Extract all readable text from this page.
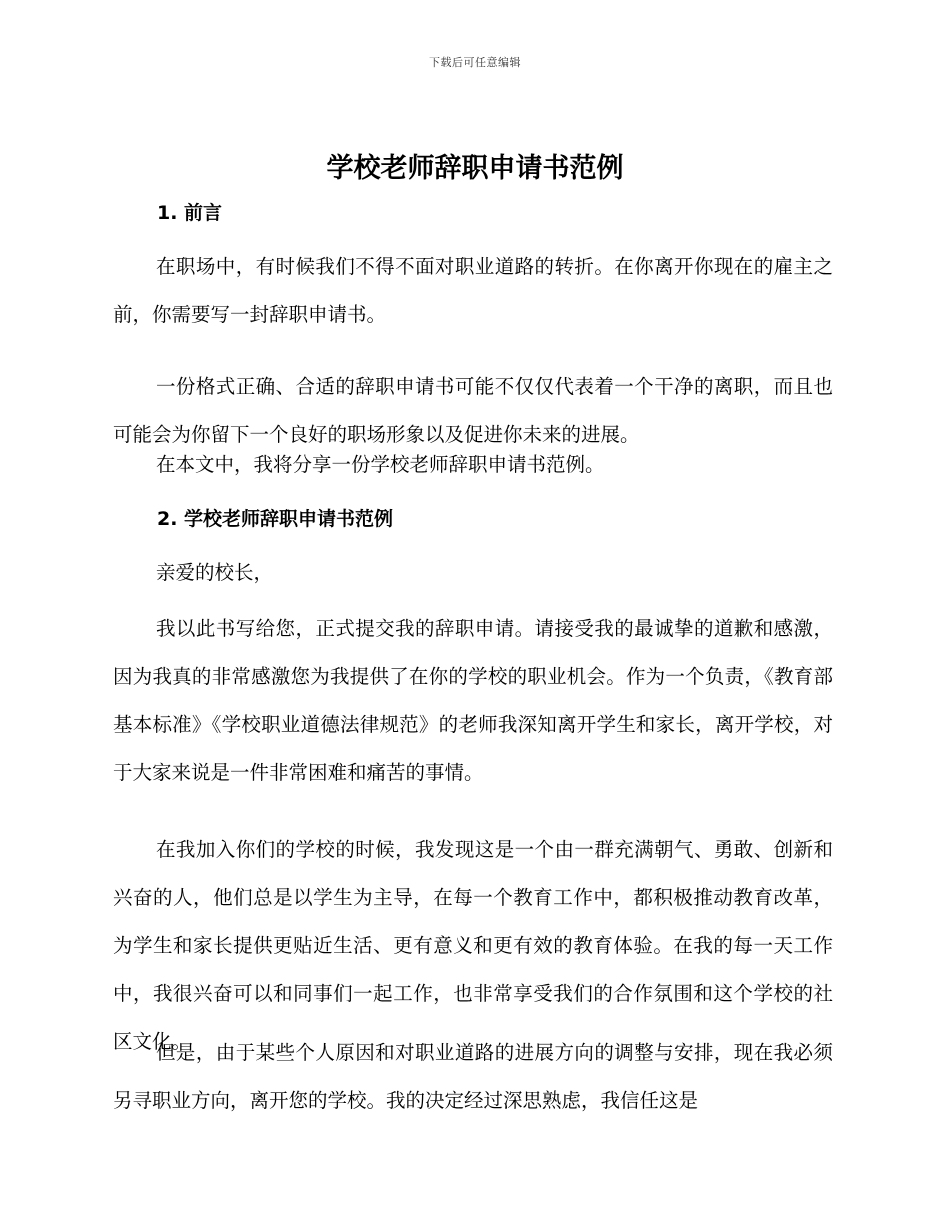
下载后可任意编辑
学校老师辞职申请书范例
1. 前言

在职场中，有时候我们不得不面对职业道路的转折。在你离开你现在的雇主之前，你需要写一封辞职申请书。

一份格式正确、合适的辞职申请书可能不仅仅代表着一个干净的离职，而且也可能会为你留下一个良好的职场形象以及促进你未来的进展。

在本文中，我将分享一份学校老师辞职申请书范例。

2. 学校老师辞职申请书范例

亲爱的校长，

我以此书写给您，正式提交我的辞职申请。请接受我的最诚挚的道歉和感激，因为我真的非常感激您为我提供了在你的学校的职业机会。作为一个负责，《教育部基本标准》《学校职业道德法律规范》的老师我深知离开学生和家长，离开学校，对于大家来说是一件非常困难和痛苦的事情。

在我加入你们的学校的时候，我发现这是一个由一群充满朝气、勇敢、创新和兴奋的人，他们总是以学生为主导，在每一个教育工作中，都积极推动教育改革，为学生和家长提供更贴近生活、更有意义和更有效的教育体验。在我的每一天工作中，我很兴奋可以和同事们一起工作，也非常享受我们的合作氛围和这个学校的社区文化。

但是，由于某些个人原因和对职业道路的进展方向的调整与安排，现在我必须另寻职业方向，离开您的学校。我的决定经过深思熟虑，我信任这是
